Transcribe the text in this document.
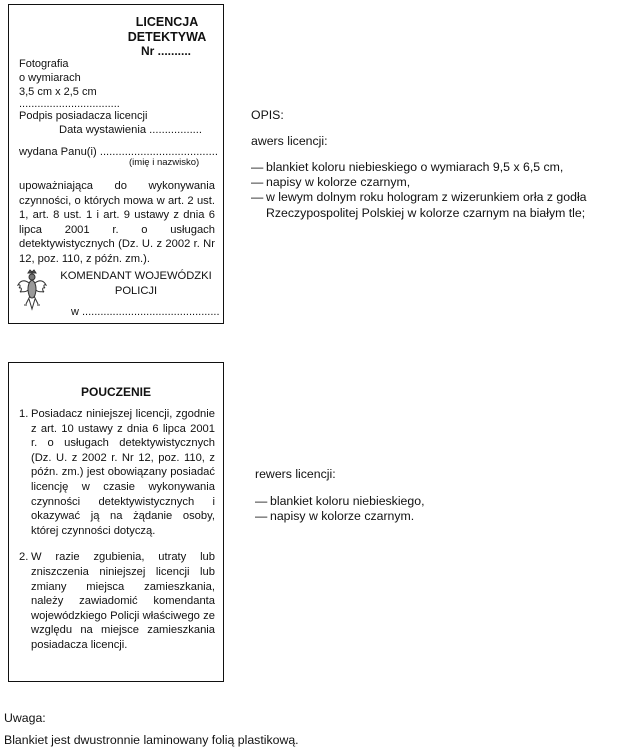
LICENCJA
DETEKTYWA
Nr ..........
Fotografia
o wymiarach
3,5 cm x 2,5 cm
.................................
Podpis posiadacza licencji
Data wystawienia .................
wydana Panu(i) ......................................
(imię i nazwisko)
upoważniająca do wykonywania czynności, o których mowa w art. 2 ust. 1, art. 8 ust. 1 i art. 9 ustawy z dnia 6 lipca 2001 r. o usługach detektywistycznych (Dz. U. z 2002 r. Nr 12, poz. 110, z późn. zm.).
KOMENDANT WOJEWÓDZKI
POLICJI
w .............................................
POUCZENIE
1. Posiadacz niniejszej licencji, zgodnie z art. 10 ustawy z dnia 6 lipca 2001 r. o usługach detektywistycznych (Dz. U. z 2002 r. Nr 12, poz. 110, z późn. zm.) jest obowiązany posiadać licencję w czasie wykonywania czynności detektywistycznych i okazywać ją na żądanie osoby, której czynności dotyczą.
2. W razie zgubienia, utraty lub zniszczenia niniejszej licencji lub zmiany miejsca zamieszkania, należy zawiadomić komendanta wojewódzkiego Policji właściwego ze względu na miejsce zamieszkania posiadacza licencji.
OPIS:
awers licencji:
— blankiet koloru niebieskiego o wymiarach 9,5 x 6,5 cm,
— napisy w kolorze czarnym,
— w lewym dolnym roku hologram z wizerunkiem orła z godła Rzeczypospolitej Polskiej w kolorze czarnym na białym tle;
rewers licencji:
— blankiet koloru niebieskiego,
— napisy w kolorze czarnym.
Uwaga:
Blankiet jest dwustronnie laminowany folią plastikową.
